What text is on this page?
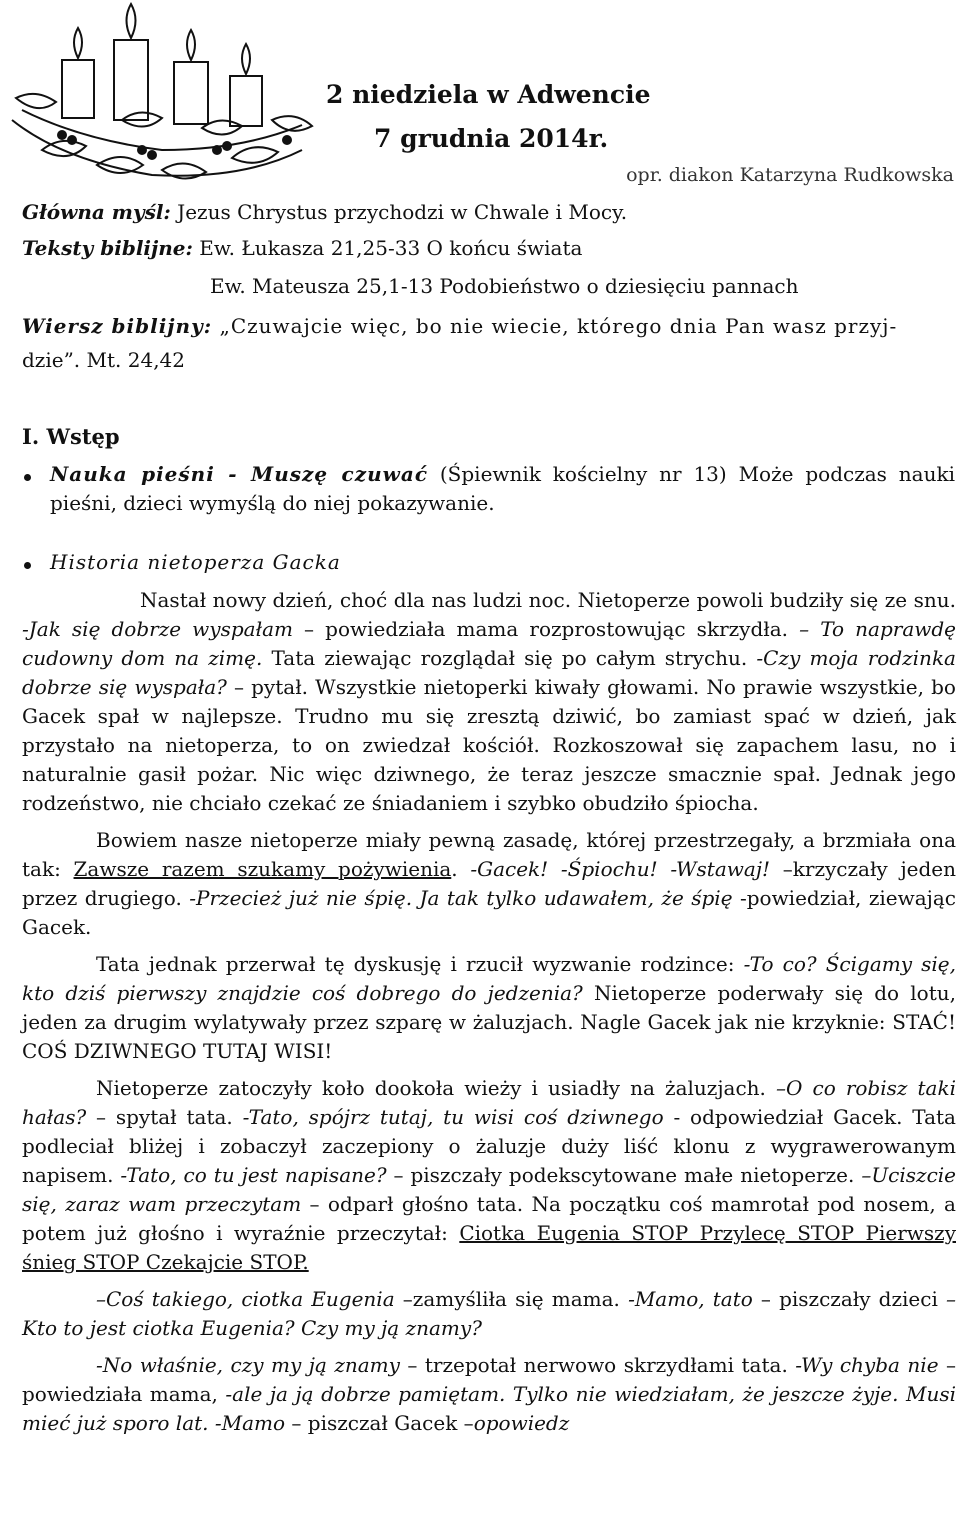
2 niedziela w Adwencie
7 grudnia 2014r.
opr. diakon Katarzyna Rudkowska
Główna myśl: Jezus Chrystus przychodzi w Chwale i Mocy.
Teksty biblijne: Ew. Łukasza 21,25-33 O końcu świata
Ew. Mateusza 25,1-13 Podobieństwo o dziesięciu pannach
Wiersz biblijny: „Czuwajcie więc, bo nie wiecie, którego dnia Pan wasz przyj-
dzie”. Mt. 24,42
I. Wstęp
Nauka pieśni - Muszę czuwać (Śpiewnik kościelny nr 13) Może podczas nauki pieśni, dzieci wymyślą do niej pokazywanie.
Historia nietoperza Gacka

Nastał nowy dzień, choć dla nas ludzi noc. Nietoperze powoli budziły się ze snu. -Jak się dobrze wyspałam – powiedziała mama rozprostowując skrzydła. – To naprawdę cudowny dom na zimę. Tata ziewając rozglądał się po całym strychu. -Czy moja rodzinka dobrze się wyspała? – pytał. Wszystkie nietoperki kiwały głowami. No prawie wszystkie, bo Gacek spał w najlepsze. Trudno mu się zresztą dziwić, bo zamiast spać w dzień, jak przystało na nietoperza, to on zwiedzał kościół. Rozkoszował się zapachem lasu, no i naturalnie gasił pożar. Nic więc dziwnego, że teraz jeszcze smacznie spał. Jednak jego rodzeństwo, nie chciało czekać ze śniadaniem i szybko obudziło śpiocha.

Bowiem nasze nietoperze miały pewną zasadę, której przestrzegały, a brzmiała ona tak: Zawsze razem szukamy pożywienia. -Gacek! -Śpiochu! -Wstawaj! –krzyczały jeden przez drugiego. -Przecież już nie śpię. Ja tak tylko udawałem, że śpię -powiedział, ziewając Gacek.

Tata jednak przerwał tę dyskusję i rzucił wyzwanie rodzince: -To co? Ścigamy się, kto dziś pierwszy znajdzie coś dobrego do jedzenia? Nietoperze poderwały się do lotu, jeden za drugim wylatywały przez szparę w żaluzjach. Nagle Gacek jak nie krzyknie: STAĆ! COŚ DZIWNEGO TUTAJ WISI!

Nietoperze zatoczyły koło dookoła wieży i usiadły na żaluzjach. –O co robisz taki hałas? – spytał tata. -Tato, spójrz tutaj, tu wisi coś dziwnego - odpowiedział Gacek. Tata podleciał bliżej i zobaczył zaczepiony o żaluzje duży liść klonu z wygrawerowanym napisem. -Tato, co tu jest napisane? – piszczały podekscytowane małe nietoperze. –Uciszcie się, zaraz wam przeczytam – odparł głośno tata. Na początku coś mamrotał pod nosem, a potem już głośno i wyraźnie przeczytał: Ciotka Eugenia STOP Przylecę STOP Pierwszy śnieg STOP Czekajcie STOP.

–Coś takiego, ciotka Eugenia –zamyśliła się mama. -Mamo, tato – piszczały dzieci –Kto to jest ciotka Eugenia? Czy my ją znamy?

-No właśnie, czy my ją znamy – trzepotał nerwowo skrzydłami tata. -Wy chyba nie – powiedziała mama, -ale ja ją dobrze pamiętam. Tylko nie wiedziałam, że jeszcze żyje. Musi mieć już sporo lat. -Mamo – piszczał Gacek –opowiedz
